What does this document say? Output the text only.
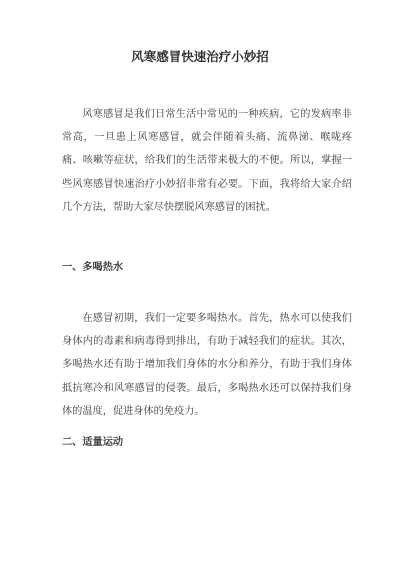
风寒感冒快速治疗小妙招

风寒感冒是我们日常生活中常见的一种疾病，它的发病率非常高，一旦患上风寒感冒，就会伴随着头痛、流鼻涕、喉咙疼痛、咳嗽等症状，给我们的生活带来极大的不便。所以，掌握一些风寒感冒快速治疗小妙招非常有必要。下面，我将给大家介绍几个方法，帮助大家尽快摆脱风寒感冒的困扰。

一、多喝热水

在感冒初期，我们一定要多喝热水。首先，热水可以使我们身体内的毒素和病毒得到排出，有助于减轻我们的症状。其次，多喝热水还有助于增加我们身体的水分和养分，有助于我们身体抵抗寒冷和风寒感冒的侵袭。最后，多喝热水还可以保持我们身体的温度，促进身体的免疫力。

二、适量运动
